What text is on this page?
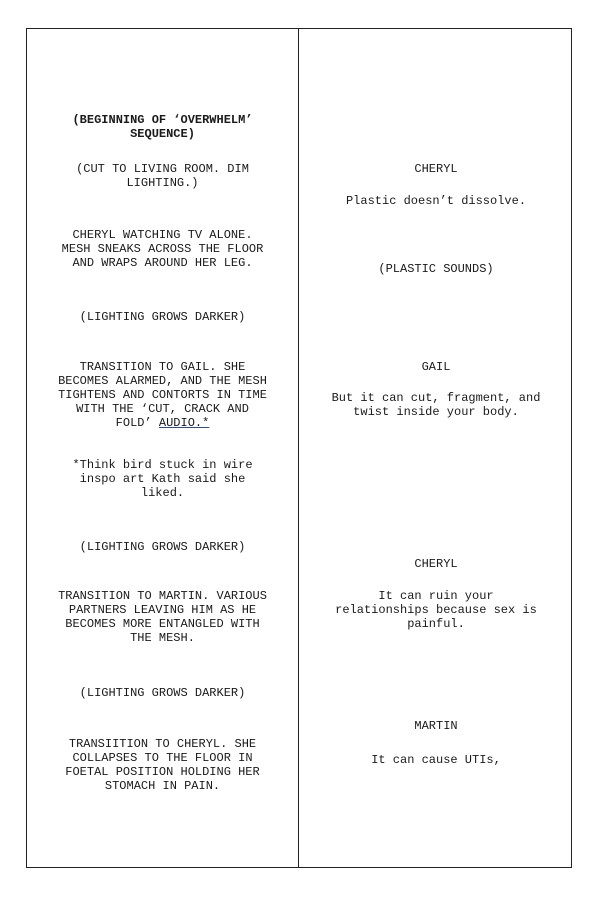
(BEGINNING OF ‘OVERWHELM’
SEQUENCE)

(CUT TO LIVING ROOM. DIM
LIGHTING.)

CHERYL WATCHING TV ALONE.
MESH SNEAKS ACROSS THE FLOOR
AND WRAPS AROUND HER LEG.

(LIGHTING GROWS DARKER)

TRANSITION TO GAIL. SHE
BECOMES ALARMED, AND THE MESH
TIGHTENS AND CONTORTS IN TIME
WITH THE ‘CUT, CRACK AND
FOLD’ AUDIO.*

*Think bird stuck in wire
inspo art Kath said she
liked.

(LIGHTING GROWS DARKER)

TRANSITION TO MARTIN. VARIOUS
PARTNERS LEAVING HIM AS HE
BECOMES MORE ENTANGLED WITH
THE MESH.

(LIGHTING GROWS DARKER)

TRANSIITION TO CHERYL. SHE
COLLAPSES TO THE FLOOR IN
FOETAL POSITION HOLDING HER
STOMACH IN PAIN.

CHERYL

Plastic doesn’t dissolve.

(PLASTIC SOUNDS)

GAIL

But it can cut, fragment, and
twist inside your body.

CHERYL

It can ruin your
relationships because sex is
painful.

MARTIN

It can cause UTIs,
